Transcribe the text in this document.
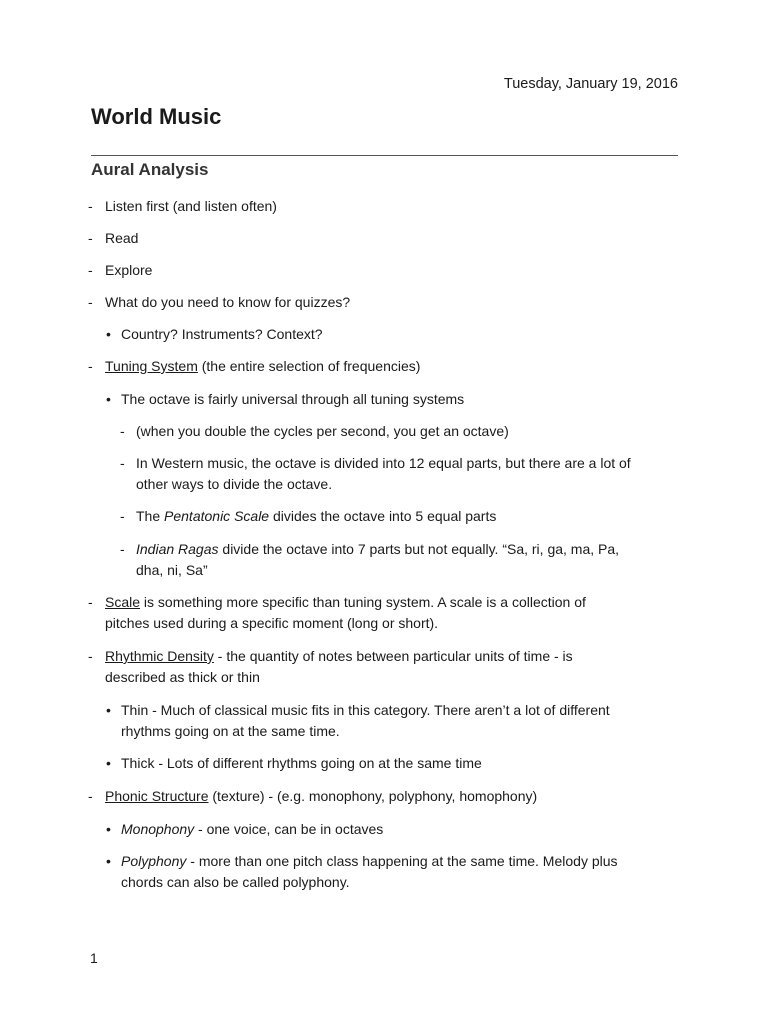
Tuesday, January 19, 2016
World Music
Aural Analysis
- Listen first (and listen often)
- Read
- Explore
- What do you need to know for quizzes?
• Country? Instruments? Context?
- Tuning System (the entire selection of frequencies)
• The octave is fairly universal through all tuning systems
- (when you double the cycles per second, you get an octave)
- In Western music, the octave is divided into 12 equal parts, but there are a lot of
other ways to divide the octave.
- The Pentatonic Scale divides the octave into 5 equal parts
- Indian Ragas divide the octave into 7 parts but not equally. “Sa, ri, ga, ma, Pa,
dha, ni, Sa”
- Scale is something more specific than tuning system. A scale is a collection of
pitches used during a specific moment (long or short).
- Rhythmic Density - the quantity of notes between particular units of time - is
described as thick or thin
• Thin - Much of classical music fits in this category. There aren’t a lot of different
rhythms going on at the same time.
• Thick - Lots of different rhythms going on at the same time
- Phonic Structure (texture) - (e.g. monophony, polyphony, homophony)
• Monophony - one voice, can be in octaves
• Polyphony - more than one pitch class happening at the same time. Melody plus
chords can also be called polyphony.
1
